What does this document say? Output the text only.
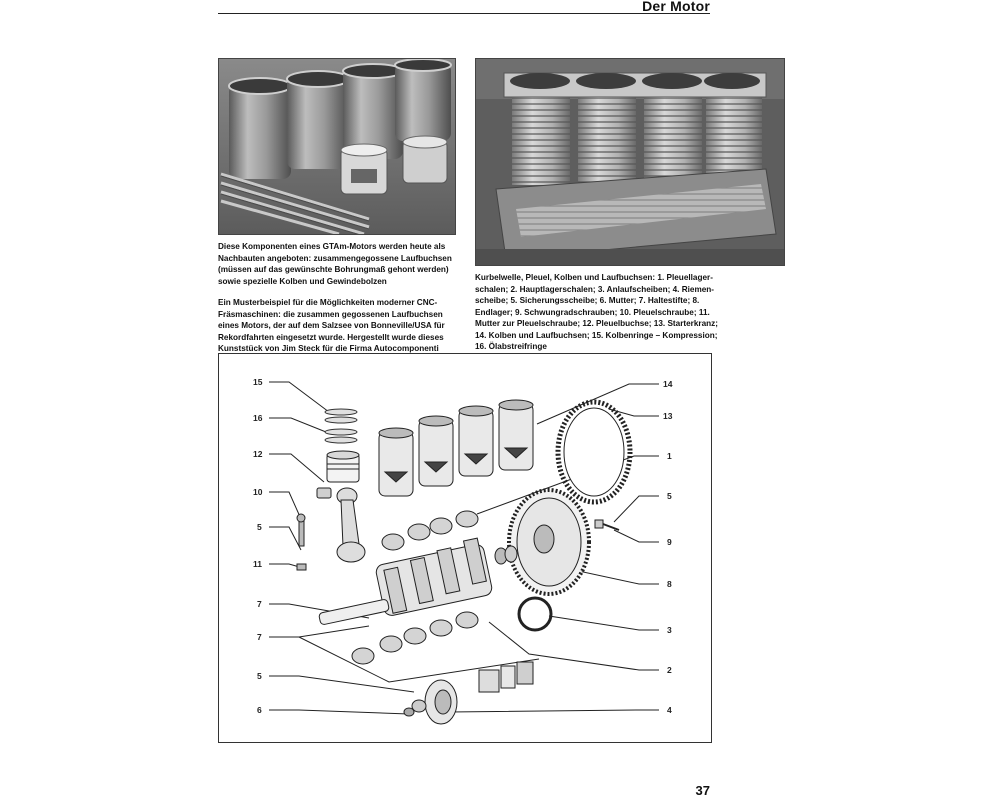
Der Motor
Diese Komponenten eines GTAm-Motors werden heute als Nachbauten angeboten: zusammengegossene Laufbuchsen (müssen auf das gewünschte Bohrungmaß gehont werden) sowie spezielle Kolben und Gewindebolzen
Ein Musterbeispiel für die Möglichkeiten moderner CNC-Fräsmaschinen: die zusammen gegossenen Laufbuchsen eines Motors, der auf dem Salzsee von Bonneville/USA für Rekordfahrten eingesetzt wurde. Hergestellt wurde dieses Kunststück von Jim Steck für die Firma Autocomponenti
Kurbelwelle, Pleuel, Kolben und Laufbuchsen: 1. Pleuellager-schalen; 2. Hauptlagerschalen; 3. Anlaufscheiben; 4. Riemen-scheibe; 5. Sicherungsscheibe; 6. Mutter; 7. Haltestifte; 8. Endlager; 9. Schwungradschrauben; 10. Pleuelschraube; 11. Mutter zur Pleuelschraube; 12. Pleuelbuchse; 13. Starterkranz; 14. Kolben und Laufbuchsen; 15. Kolbenringe – Kompression; 16. Ölabstreifringe
15
16
12
10
5
11
7
7
5
6
14
13
1
5
9
8
3
2
4
37
